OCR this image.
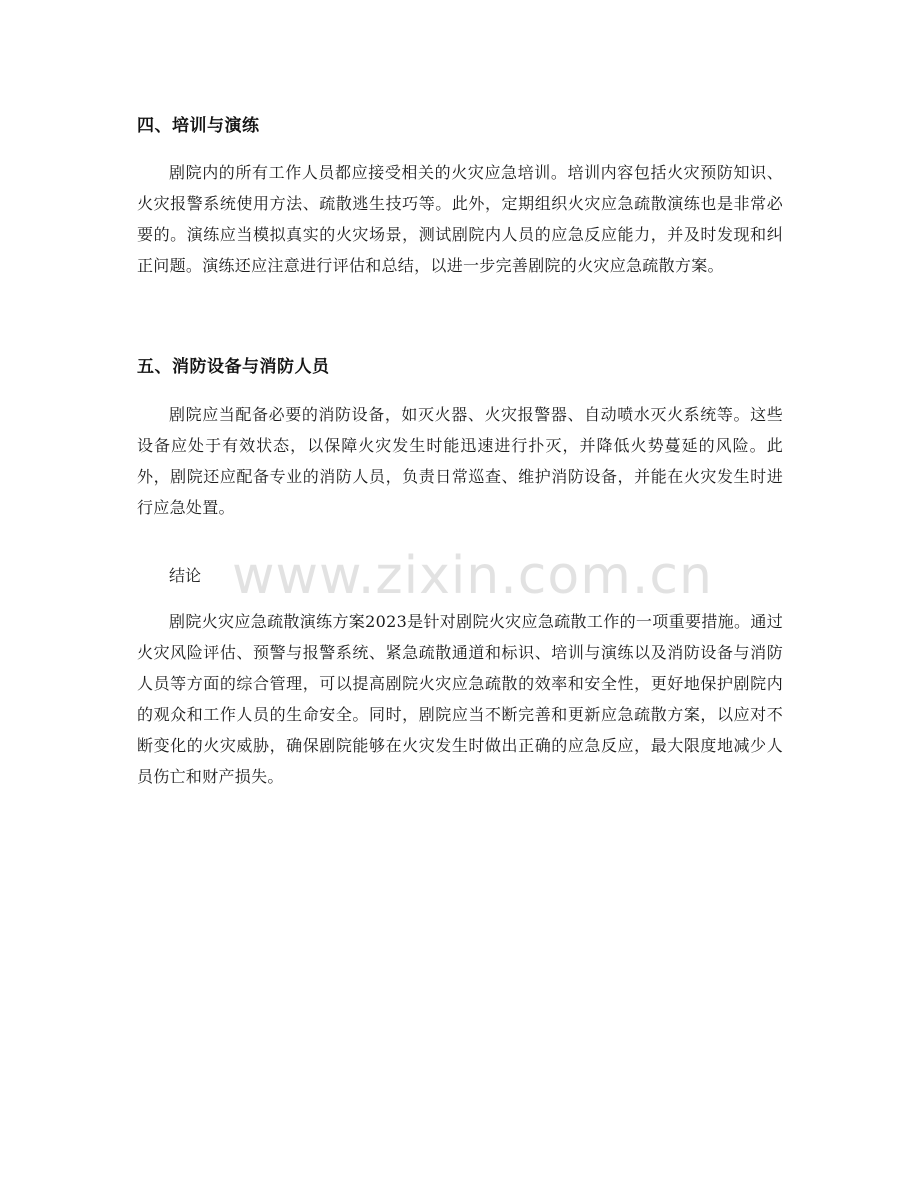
四、培训与演练

剧院内的所有工作人员都应接受相关的火灾应急培训。培训内容包括火灾预防知识、火灾报警系统使用方法、疏散逃生技巧等。此外，定期组织火灾应急疏散演练也是非常必要的。演练应当模拟真实的火灾场景，测试剧院内人员的应急反应能力，并及时发现和纠正问题。演练还应注意进行评估和总结，以进一步完善剧院的火灾应急疏散方案。

五、消防设备与消防人员

剧院应当配备必要的消防设备，如灭火器、火灾报警器、自动喷水灭火系统等。这些设备应处于有效状态，以保障火灾发生时能迅速进行扑灭，并降低火势蔓延的风险。此外，剧院还应配备专业的消防人员，负责日常巡查、维护消防设备，并能在火灾发生时进行应急处置。

结论

剧院火灾应急疏散演练方案2023是针对剧院火灾应急疏散工作的一项重要措施。通过火灾风险评估、预警与报警系统、紧急疏散通道和标识、培训与演练以及消防设备与消防人员等方面的综合管理，可以提高剧院火灾应急疏散的效率和安全性，更好地保护剧院内的观众和工作人员的生命安全。同时，剧院应当不断完善和更新应急疏散方案，以应对不断变化的火灾威胁，确保剧院能够在火灾发生时做出正确的应急反应，最大限度地减少人员伤亡和财产损失。

www.zixin.com.cn
